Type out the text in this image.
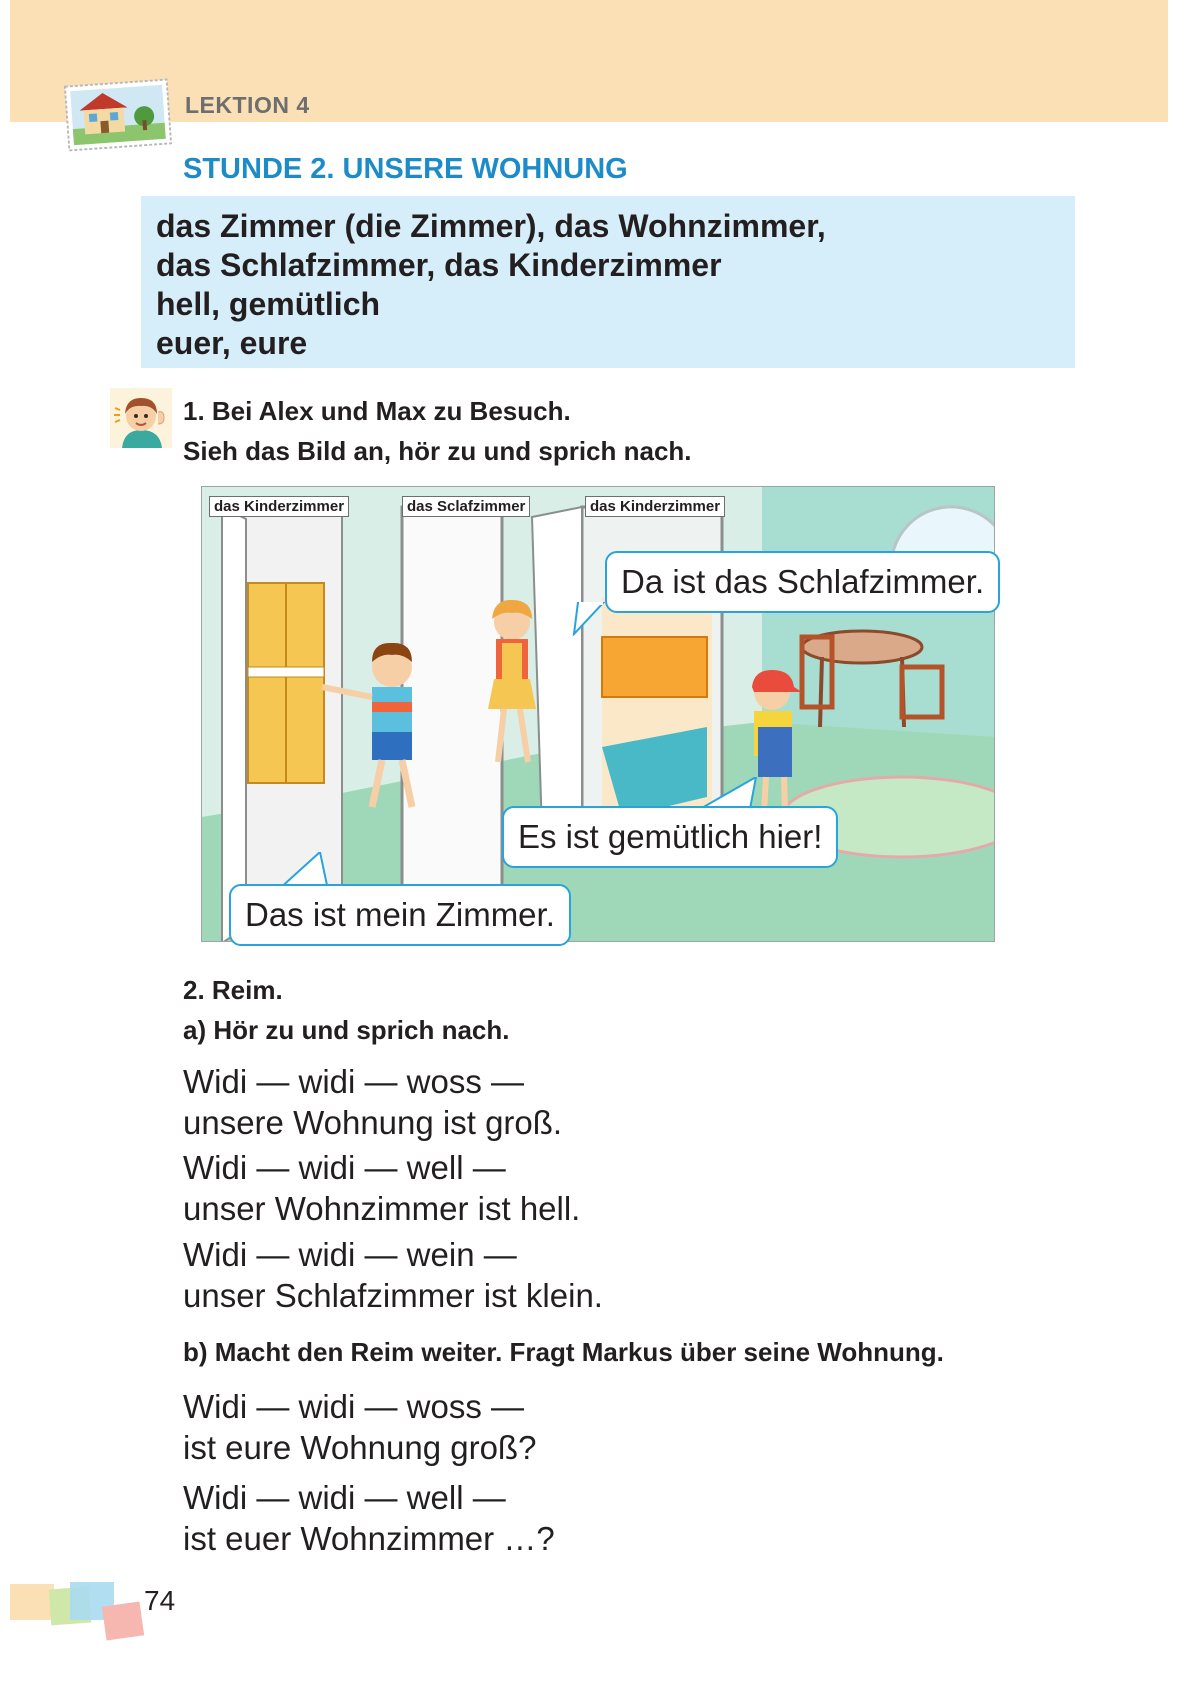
LEKTION 4
STUNDE 2. UNSERE WOHNUNG
das Zimmer (die Zimmer), das Wohnzimmer,
das Schlafzimmer, das Kinderzimmer
hell, gemütlich
euer, eure
1. Bei Alex und Max zu Besuch.
Sieh das Bild an, hör zu und sprich nach.
das Kinderzimmer	das Sclafzimmer	das Kinderzimmer
Da ist das Schlafzimmer.
Es ist gemütlich hier!
Das ist mein Zimmer.
2. Reim.
a) Hör zu und sprich nach.
Widi — widi — woss —
unsere Wohnung ist groß.
Widi — widi — well —
unser Wohnzimmer ist hell.
Widi — widi — wein —
unser Schlafzimmer ist klein.
b) Macht den Reim weiter. Fragt Markus über seine Wohnung.
Widi — widi — woss —
ist eure Wohnung groß?
Widi — widi — well —
ist euer Wohnzimmer …?
74
